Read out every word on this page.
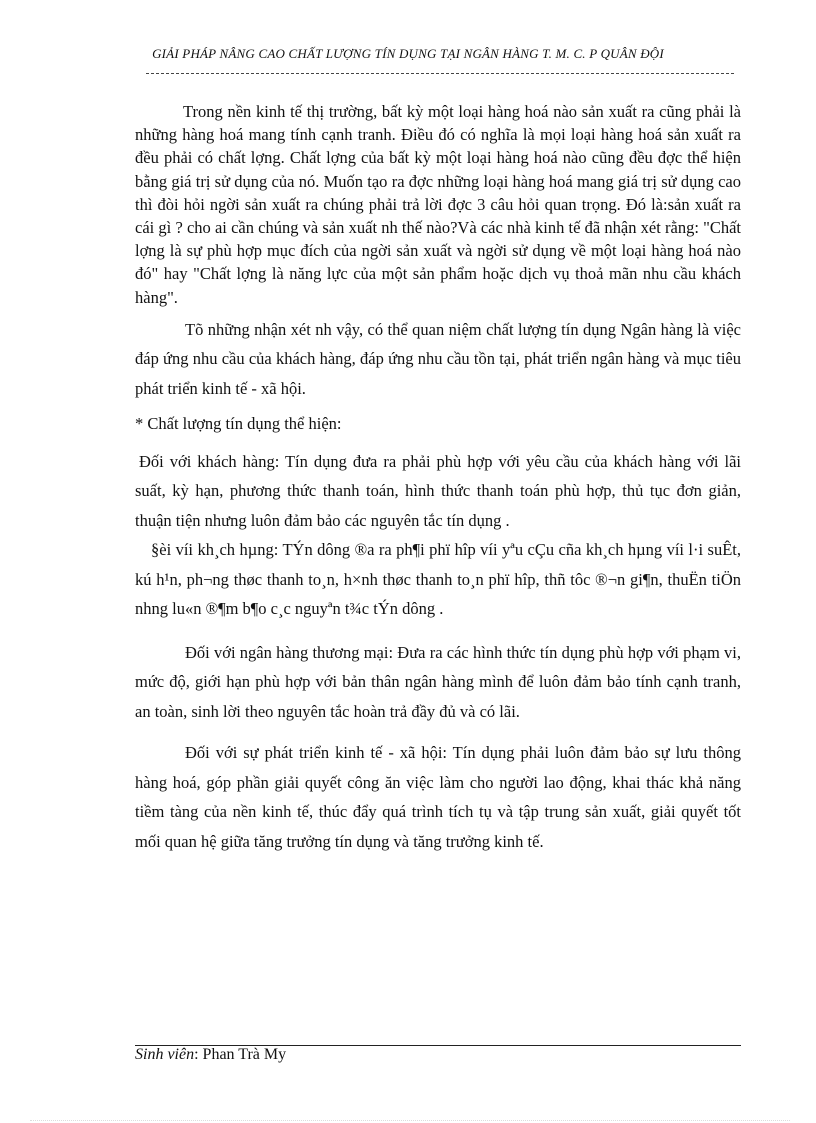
GIẢI PHÁP NÂNG CAO CHẤT LƯỢNG TÍN DỤNG TẠI NGÂN HÀNG T. M. C. P QUÂN ĐỘI

Trong nền kinh tế thị trường, bất kỳ một loại hàng hoá nào sản xuất ra cũng phải là những hàng hoá mang tính cạnh tranh. Điều đó có nghĩa là mọi loại hàng hoá sản xuất ra đều phải có chất lợng. Chất lợng của bất kỳ một loại hàng hoá nào cũng đều đợc thể hiện bằng giá trị sử dụng của nó. Muốn tạo ra đợc những loại hàng hoá mang giá trị sử dụng cao thì đòi hỏi ngời sản xuất ra chúng phải trả lời đợc 3 câu hỏi quan trọng. Đó là:sản xuất ra cái gì ? cho ai cần chúng và sản xuất nh thế nào?Và các nhà kinh tế đã nhận xét rằng: "Chất lợng là sự phù hợp mục đích của ngời sản xuất và ngời sử dụng về một loại hàng hoá nào đó" hay "Chất lợng là năng lực của một sản phẩm hoặc dịch vụ thoả mãn nhu cầu khách hàng".

Tõ những nhận xét nh vậy, có thể quan niệm chất lượng tín dụng Ngân hàng là việc đáp ứng nhu cầu của khách hàng, đáp ứng nhu cầu tồn tại, phát triển ngân hàng và mục tiêu phát triển kinh tế - xã hội.

* Chất lượng tín dụng thể hiện:

Đối với khách hàng: Tín dụng đưa ra phải phù hợp với yêu cầu của khách hàng với lãi suất, kỳ hạn, phương thức thanh toán, hình thức thanh toán phù hợp, thủ tục đơn giản, thuận tiện nhưng luôn đảm bảo các nguyên tắc tín dụng .

§èi víi kh¸ch hµng: TÝn dông ®a ra ph¶i phï hîp víi yªu cÇu cña kh¸ch hµng víi l·i suÊt, kú h¹n, ph¬ng thøc thanh to¸n, h×nh thøc thanh to¸n phï hîp, thñ tôc ®¬n gi¶n, thuËn tiÖn nhng lu«n ®¶m b¶o c¸c nguyªn t¾c tÝn dông .

Đối với ngân hàng thương mại: Đưa ra các hình thức tín dụng phù hợp với phạm vi, mức độ, giới hạn phù hợp với bản thân ngân hàng mình để luôn đảm bảo tính cạnh tranh, an toàn, sinh lời theo nguyên tắc hoàn trả đầy đủ và có lãi.

Đối với sự phát triển kinh tế - xã hội: Tín dụng phải luôn đảm bảo sự lưu thông hàng hoá, góp phần giải quyết công ăn việc làm cho người lao động, khai thác khả năng tiềm tàng của nền kinh tế, thúc đẩy quá trình tích tụ và tập trung sản xuất, giải quyết tốt mối quan hệ giữa tăng trưởng tín dụng và tăng trưởng kinh tế.

Sinh viên: Phan Trà My
